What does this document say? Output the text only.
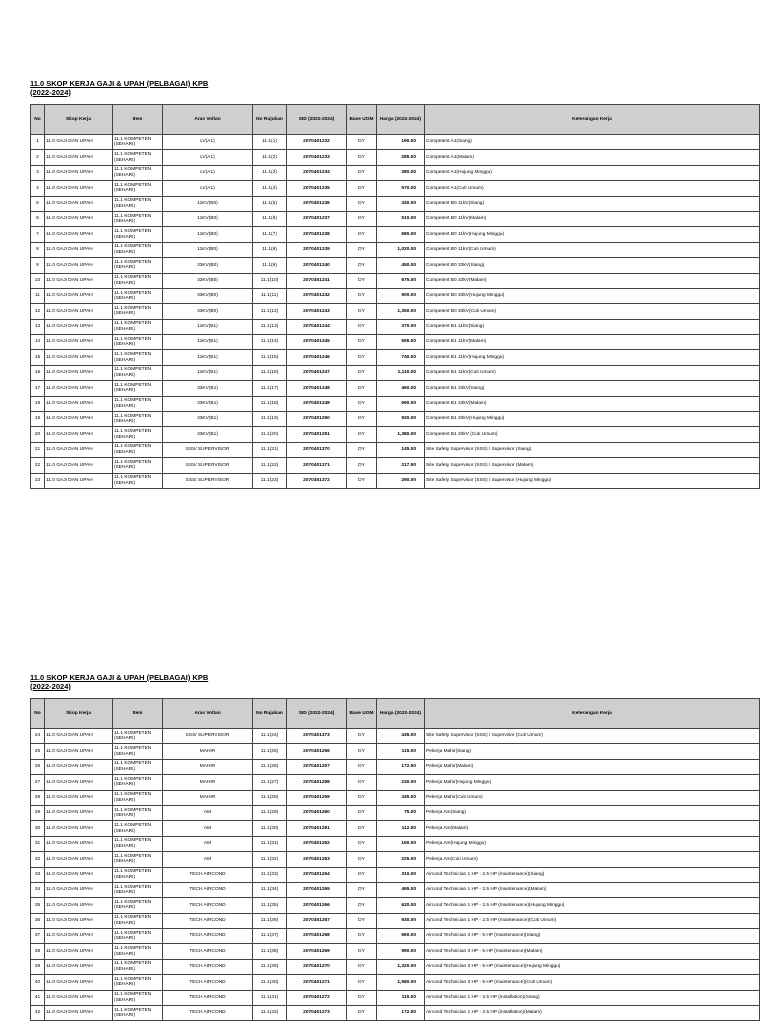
11.0 SKOP KERJA GAJI & UPAH (PELBAGAI) KPB
(2022-2024)
No	Skop Kerja	Item	Aras Voltan	No Rujukan	SID (2022-2024)	Base UOM	Harga (2022-2024)	Keterangan Kerja
1	11.0 GAJI DAN UPAH	11.1 KOMPETEN (SEHARI)	LV(A1)	11.1(1)	2070401232	DY	190.00	Competent A1(Siang)
2	11.0 GAJI DAN UPAH	11.1 KOMPETEN (SEHARI)	LV(A1)	11.1(2)	2070401233	DY	285.00	Competent A1(Malam)
3	11.0 GAJI DAN UPAH	11.1 KOMPETEN (SEHARI)	LV(A1)	11.1(3)	2070401234	DY	380.00	Competent A1(Hujung Minggu)
4	11.0 GAJI DAN UPAH	11.1 KOMPETEN (SEHARI)	LV(A1)	11.1(4)	2070401235	DY	570.00	Competent A1(Cuti Umum)
5	11.0 GAJI DAN UPAH	11.1 KOMPETEN (SEHARI)	11KV(B0)	11.1(5)	2070401236	DY	340.00	Competent B0 11kV(Siang)
6	11.0 GAJI DAN UPAH	11.1 KOMPETEN (SEHARI)	11KV(B0)	11.1(6)	2070401237	DY	510.00	Competent B0 11kV(Malam)
7	11.0 GAJI DAN UPAH	11.1 KOMPETEN (SEHARI)	11KV(B0)	11.1(7)	2070401238	DY	680.00	Competent B0 11kV(Hujung Minggu)
8	11.0 GAJI DAN UPAH	11.1 KOMPETEN (SEHARI)	11KV(B0)	11.1(8)	2070401239	DY	1,020.00	Competent B0 11kV(Cuti Umum)
9	11.0 GAJI DAN UPAH	11.1 KOMPETEN (SEHARI)	33KV(B0)	11.1(9)	2070401240	DY	450.00	Competent B0 33kV(Siang)
10	11.0 GAJI DAN UPAH	11.1 KOMPETEN (SEHARI)	33KV(B0)	11.1(10)	2070401241	DY	675.00	Competent B0 33kV(Malam)
11	11.0 GAJI DAN UPAH	11.1 KOMPETEN (SEHARI)	33KV(B0)	11.1(11)	2070401242	DY	900.00	Competent B0 33kV(Hujung Minggu)
12	11.0 GAJI DAN UPAH	11.1 KOMPETEN (SEHARI)	33KV(B0)	11.1(12)	2070401243	DY	1,350.00	Competent B0 33kV(Cuti Umum)
13	11.0 GAJI DAN UPAH	11.1 KOMPETEN (SEHARI)	11KV(B1)	11.1(13)	2070401244	DY	370.00	Competent B1 11kV(Siang)
14	11.0 GAJI DAN UPAH	11.1 KOMPETEN (SEHARI)	11KV(B1)	11.1(14)	2070401245	DY	555.00	Competent B1 11kV(Malam)
15	11.0 GAJI DAN UPAH	11.1 KOMPETEN (SEHARI)	11KV(B1)	11.1(15)	2070401246	DY	740.00	Competent B1 11kV(Hujung Minggu)
16	11.0 GAJI DAN UPAH	11.1 KOMPETEN (SEHARI)	11KV(B1)	11.1(16)	2070401247	DY	1,110.00	Competent B1 11kV(Cuti Umum)
17	11.0 GAJI DAN UPAH	11.1 KOMPETEN (SEHARI)	33KV(B1)	11.1(17)	2070401248	DY	460.00	Competent B1 33kV(Siang)
18	11.0 GAJI DAN UPAH	11.1 KOMPETEN (SEHARI)	33KV(B1)	11.1(18)	2070401249	DY	690.00	Competent B1 33kV(Malam)
19	11.0 GAJI DAN UPAH	11.1 KOMPETEN (SEHARI)	33KV(B1)	11.1(19)	2070401250	DY	920.00	Competent B1 33kV(Hujung Minggu)
20	11.0 GAJI DAN UPAH	11.1 KOMPETEN (SEHARI)	33KV(B1)	11.1(20)	2070401251	DY	1,380.00	Competent B1 33kV (Cuti Umum)
21	11.0 GAJI DAN UPAH	11.1 KOMPETEN (SEHARI)	SSS/ SUPERVISOR	11.1(21)	2070401370	DY	145.00	Site Safety Supervisor (SSS) / Supervisor (Siang)
22	11.0 GAJI DAN UPAH	11.1 KOMPETEN (SEHARI)	SSS/ SUPERVISOR	11.1(22)	2070401371	DY	217.50	Site Safety Supervisor (SSS) / Supervisor (Malam)
23	11.0 GAJI DAN UPAH	11.1 KOMPETEN (SEHARI)	SSS/ SUPERVISOR	11.1(23)	2070401372	DY	290.00	Site Safety Supervisor (SSS) / Supervisor (Hujung Minggu)
11.0 SKOP KERJA GAJI & UPAH (PELBAGAI) KPB
(2022-2024)
No	Skop Kerja	Item	Aras Voltan	No Rujukan	SID (2022-2024)	Base UOM	Harga (2022-2024)	Keterangan Kerja
24	11.0 GAJI DAN UPAH	11.1 KOMPETEN (SEHARI)	SSS/ SUPERVISOR	11.1(24)	2070401373	DY	435.00	Site Safety Supervisor (SSS) / Supervisor (Cuti Umum)
25	11.0 GAJI DAN UPAH	11.1 KOMPETEN (SEHARI)	MAHIR	11.1(25)	2070401256	DY	115.00	Pekerja Mahir(Siang)
26	11.0 GAJI DAN UPAH	11.1 KOMPETEN (SEHARI)	MAHIR	11.1(26)	2070401257	DY	172.50	Pekerja Mahir(Malam)
27	11.0 GAJI DAN UPAH	11.1 KOMPETEN (SEHARI)	MAHIR	11.1(27)	2070401258	DY	230.00	Pekerja Mahir(Hujung Minggu)
28	11.0 GAJI DAN UPAH	11.1 KOMPETEN (SEHARI)	MAHIR	11.1(28)	2070401259	DY	345.00	Pekerja Mahir(Cuti Umum)
29	11.0 GAJI DAN UPAH	11.1 KOMPETEN (SEHARI)	AM	11.1(29)	2070401260	DY	75.00	Pekerja Am(Siang)
30	11.0 GAJI DAN UPAH	11.1 KOMPETEN (SEHARI)	AM	11.1(30)	2070401261	DY	112.50	Pekerja Am(Malam)
31	11.0 GAJI DAN UPAH	11.1 KOMPETEN (SEHARI)	AM	11.1(31)	2070401262	DY	150.00	Pekerja Am(Hujung Minggu)
32	11.0 GAJI DAN UPAH	11.1 KOMPETEN (SEHARI)	AM	11.1(32)	2070401263	DY	225.00	Pekerja Am(Cuti Umum)
33	11.0 GAJI DAN UPAH	11.1 KOMPETEN (SEHARI)	TECH AIRCOND	11.1(33)	2070401264	DY	310.00	Aircond Technician 1 HP - 2.5 HP (maintenance)(Siang)
34	11.0 GAJI DAN UPAH	11.1 KOMPETEN (SEHARI)	TECH AIRCOND	11.1(34)	2070401265	DY	465.00	Aircond Technician 1 HP - 2.5 HP (maintenance)(Malam)
35	11.0 GAJI DAN UPAH	11.1 KOMPETEN (SEHARI)	TECH AIRCOND	11.1(35)	2070401266	DY	620.00	Aircond Technician 1 HP - 2.5 HP (maintenance)(Hujung Minggu)
36	11.0 GAJI DAN UPAH	11.1 KOMPETEN (SEHARI)	TECH AIRCOND	11.1(36)	2070401267	DY	930.00	Aircond Technician 1 HP - 2.5 HP (maintenance)(Cuti Umum)
37	11.0 GAJI DAN UPAH	11.1 KOMPETEN (SEHARI)	TECH AIRCOND	11.1(37)	2070401268	DY	660.00	Aircond Technician 3 HP - 5 HP (maintenance)(Siang)
38	11.0 GAJI DAN UPAH	11.1 KOMPETEN (SEHARI)	TECH AIRCOND	11.1(38)	2070401269	DY	990.00	Aircond Technician 3 HP - 5 HP (maintenance)(Malam)
39	11.0 GAJI DAN UPAH	11.1 KOMPETEN (SEHARI)	TECH AIRCOND	11.1(39)	2070401270	DY	1,320.00	Aircond Technician 3 HP - 5 HP (maintenance)(Hujung Minggu)
40	11.0 GAJI DAN UPAH	11.1 KOMPETEN (SEHARI)	TECH AIRCOND	11.1(40)	2070401271	DY	1,980.00	Aircond Technician 3 HP - 5 HP (maintenance)(Cuti Umum)
41	11.0 GAJI DAN UPAH	11.1 KOMPETEN (SEHARI)	TECH AIRCOND	11.1(41)	2070401272	DY	115.00	Aircond Technician 1 HP - 2.5 HP (installation)(Siang)
42	11.0 GAJI DAN UPAH	11.1 KOMPETEN (SEHARI)	TECH AIRCOND	11.1(42)	2070401273	DY	172.50	Aircond Technician 1 HP - 2.5 HP (installation)(Malam)
